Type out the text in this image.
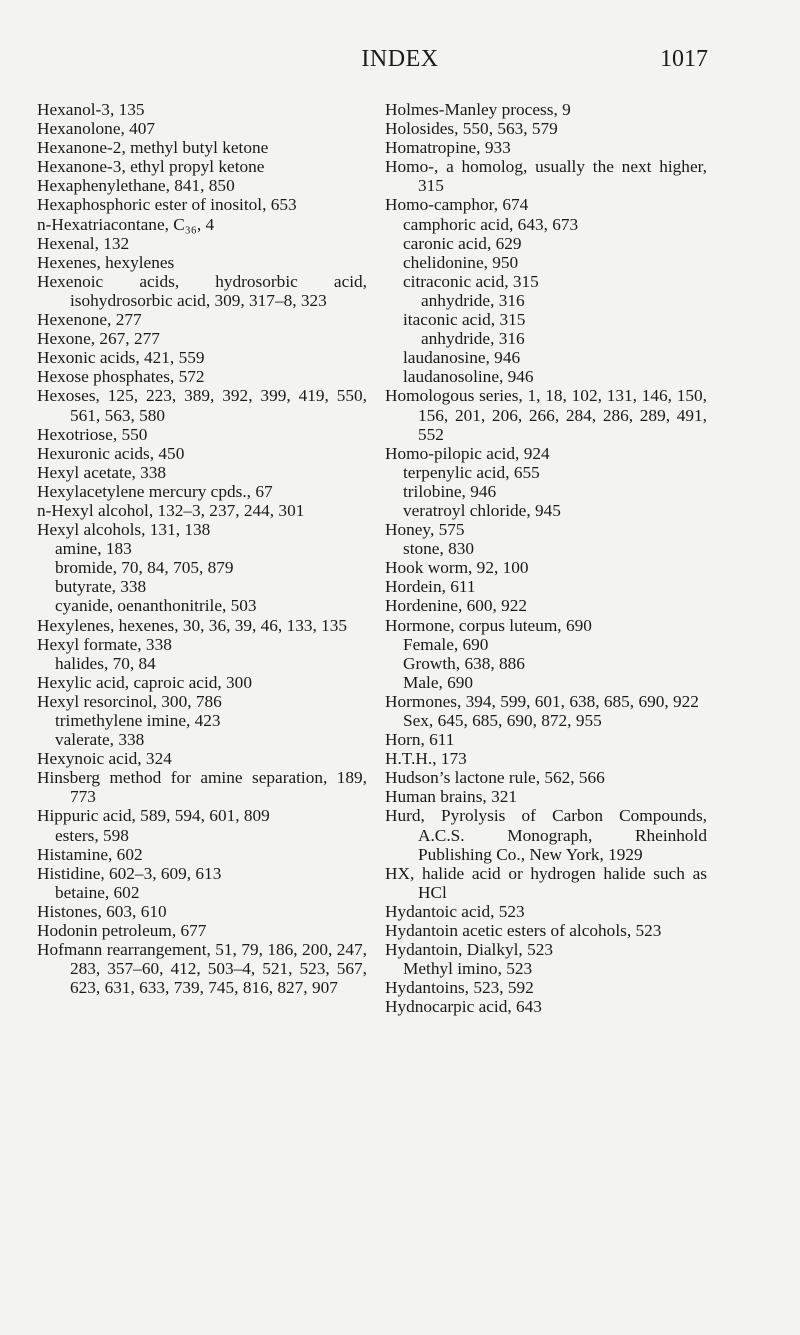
INDEX	1017
Hexanol-3, 135
Hexanolone, 407
Hexanone-2, methyl butyl ketone
Hexanone-3, ethyl propyl ketone
Hexaphenylethane, 841, 850
Hexaphosphoric ester of inositol, 653
n-Hexatriacontane, C₃₆, 4
Hexenal, 132
Hexenes, hexylenes
Hexenoic acids, hydrosorbic acid, isohydrosorbic acid, 309, 317–8, 323
Hexenone, 277
Hexone, 267, 277
Hexonic acids, 421, 559
Hexose phosphates, 572
Hexoses, 125, 223, 389, 392, 399, 419, 550, 561, 563, 580
Hexotriose, 550
Hexuronic acids, 450
Hexyl acetate, 338
Hexylacetylene mercury cpds., 67
n-Hexyl alcohol, 132–3, 237, 244, 301
Hexyl alcohols, 131, 138
amine, 183
bromide, 70, 84, 705, 879
butyrate, 338
cyanide, oenanthonitrile, 503
Hexylenes, hexenes, 30, 36, 39, 46, 133, 135
Hexyl formate, 338
halides, 70, 84
Hexylic acid, caproic acid, 300
Hexyl resorcinol, 300, 786
trimethylene imine, 423
valerate, 338
Hexynoic acid, 324
Hinsberg method for amine separation, 189, 773
Hippuric acid, 589, 594, 601, 809
esters, 598
Histamine, 602
Histidine, 602–3, 609, 613
betaine, 602
Histones, 603, 610
Hodonin petroleum, 677
Hofmann rearrangement, 51, 79, 186, 200, 247, 283, 357–60, 412, 503–4, 521, 523, 567, 623, 631, 633, 739, 745, 816, 827, 907
Holmes-Manley process, 9
Holosides, 550, 563, 579
Homatropine, 933
Homo-, a homolog, usually the next higher, 315
Homo-camphor, 674
camphoric acid, 643, 673
caronic acid, 629
chelidonine, 950
citraconic acid, 315
anhydride, 316
itaconic acid, 315
anhydride, 316
laudanosine, 946
laudanosoline, 946
Homologous series, 1, 18, 102, 131, 146, 150, 156, 201, 206, 266, 284, 286, 289, 491, 552
Homo-pilopic acid, 924
terpenylic acid, 655
trilobine, 946
veratroyl chloride, 945
Honey, 575
stone, 830
Hook worm, 92, 100
Hordein, 611
Hordenine, 600, 922
Hormone, corpus luteum, 690
Female, 690
Growth, 638, 886
Male, 690
Hormones, 394, 599, 601, 638, 685, 690, 922
Sex, 645, 685, 690, 872, 955
Horn, 611
H.T.H., 173
Hudson’s lactone rule, 562, 566
Human brains, 321
Hurd, Pyrolysis of Carbon Compounds, A.C.S. Monograph, Rheinhold Publishing Co., New York, 1929
HX, halide acid or hydrogen halide such as HCl
Hydantoic acid, 523
Hydantoin acetic esters of alcohols, 523
Hydantoin, Dialkyl, 523
Methyl imino, 523
Hydantoins, 523, 592
Hydnocarpic acid, 643
